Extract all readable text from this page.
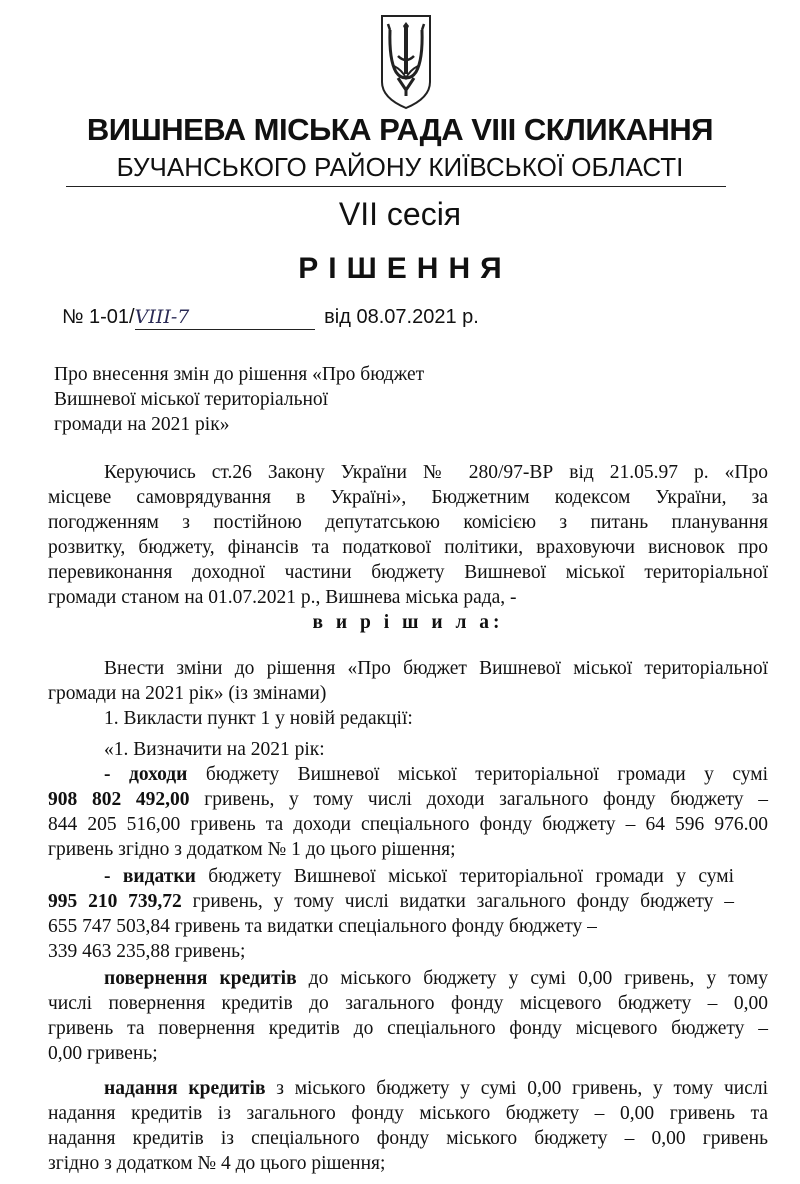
ВИШНЕВА МІСЬКА РАДА VIII СКЛИКАННЯ
БУЧАНСЬКОГО РАЙОНУ КИЇВСЬКОЇ ОБЛАСТІ
VII сесія
РІШЕННЯ
№ 1-01/VIII-7	від 08.07.2021 р.
Про внесення змін до рішення «Про бюджет
Вишневої міської територіальної
громади на 2021 рік»
Керуючись ст.26 Закону України № 280/97-ВР від 21.05.97 р. «Про
місцеве самоврядування в Україні», Бюджетним кодексом України, за
погодженням з постійною депутатською комісією з питань планування
розвитку, бюджету, фінансів та податкової політики, враховуючи висновок про
перевиконання доходної частини бюджету Вишневої міської територіальної
громади станом на 01.07.2021 р., Вишнева міська рада, -
в и р і ш и л а:
Внести зміни до рішення «Про бюджет Вишневої міської територіальної
громади на 2021 рік» (із змінами)
1. Викласти пункт 1 у новій редакції:
«1. Визначити на 2021 рік:
- доходи бюджету Вишневої міської територіальної громади у сумі
908 802 492,00 гривень, у тому числі доходи загального фонду бюджету –
844 205 516,00 гривень та доходи спеціального фонду бюджету – 64 596 976.00
гривень згідно з додатком № 1 до цього рішення;
- видатки бюджету Вишневої міської територіальної громади у сумі
995 210 739,72 гривень, у тому числі видатки загального фонду бюджету –
655 747 503,84 гривень та видатки спеціального фонду бюджету –
339 463 235,88 гривень;
повернення кредитів до міського бюджету у сумі 0,00 гривень, у тому
числі повернення кредитів до загального фонду місцевого бюджету – 0,00
гривень та повернення кредитів до спеціального фонду місцевого бюджету –
0,00 гривень;
надання кредитів з міського бюджету у сумі 0,00 гривень, у тому числі
надання кредитів із загального фонду міського бюджету – 0,00 гривень та
надання кредитів із спеціального фонду міського бюджету – 0,00 гривень
згідно з додатком № 4 до цього рішення;
